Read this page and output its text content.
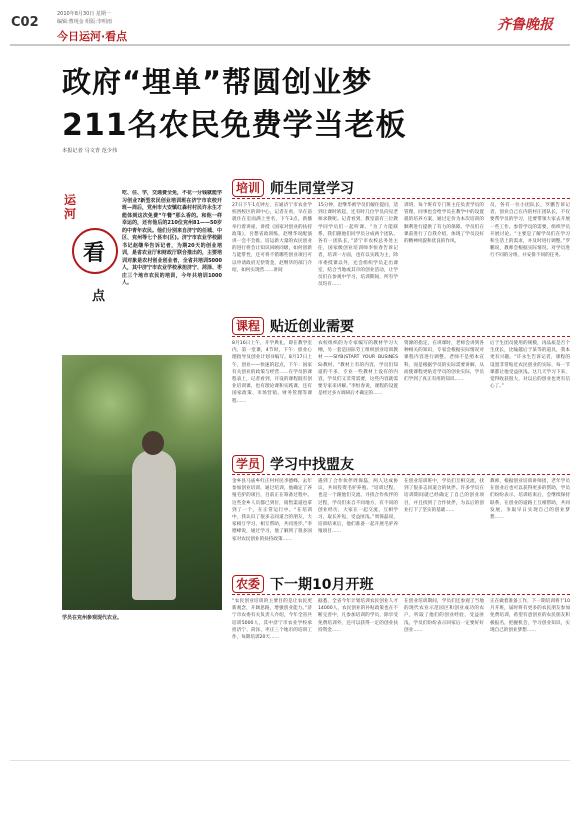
C02
2010年8月30日 星期一
编辑:曹现金 组版:李明雨
今日运河·看点
齐鲁晚报
政府“埋单”帮圆创业梦
211名农民免费学当老板
本报记者 马文青 范少伟
运河
看
点
吃、住、学，交通费全免，不花一分钱就能学习创业?新型农民创业培训班在济宁市农校开班—周后，党州市大安镇红森村村民许永生才能体到这次免费“午餐”那么香的。和他一样幸运的，还有他后的210位兖州81——50岁的中青年农民。他们分别来自济宁的任城、中区、兖州等七个县市(区)。济宁市农业学校副书记赵继华告诉记者，为期20天的创业培训，是省农业厅和财政厅联合推出的，主要培训对象是农村创业创业者，全省共培训5000人，其中济宁市农业学校承担济宁、菏泽、枣庄三个地市农民的培训，今年共培训1000人。
学员在兖州参观现代农业。
培训 师生同堂学习
27日下午1点钟左，在通济宁市农业学校西校区的训中心，记者在看，早在前就住在室而满上坐名，下午3点，新播举行着讲座，讲授《国家对创业的扶持政策》，吾想省政训练，赵继华说配演讲一会不会推。培运新大量的农民创业的进行将会让知识回顾同级，如何创新与能带性，还可将不错哪些创业项目可以申请政府无偿资金，赵继华的部门介绍，如何实现营……讲间
15分钟，赵继华被学员们解住提问，适到让课时转起，还有时几位学员向见老师求教呢。记者看到，教室前有三位教学同学员们一起听课。“为了力能联系，我们跟他们同学员分成两个团队，各有一团队长，”济宁市农校总务处主任，国家级创业培训师李恒春告诉记者，培训一方面，也有以实践为主，除市委授课以外，还会组织学员走出课室，结合当地或其市的创业活动，让学员们在参观中学习，培训期间，所有学员均有……
训班，每个班有专门班主任负责学员的管理，同事也会给学员在教学中的设置就的培养方案，通过定价为本次培训的顺利进行提供了有力的保障。学员们在课前进行了自我介绍，体现了学员良好的精神风貌和优良的作风。
员，各有一位小团队长，罗鹏告诉记者，创业自己在内的村庄团队长，不仅要帮学员的学习，还要带领大家去开展一些工作。参管学员的需要，组织学员开展讨论。“主要是了解学员们在学习和生活上的需求，并及时进行调整。”罗鹏说，教师会根据实际情况，对学员进行不同的分组，并安排不同的任务。
课程 贴近创业需要
8月16日上午，开学典礼，即在教学室内，第一堂课，4节时，下午：创业心理指导及创业计划书编写。8月17日上午，创业——快速的起点，下午：国家有关创业的政策与经营……在学员的课程表上，记者看到，开设的课程既有创业培训课，也有理论课和实践课，还有国家政策、市场营销、财务管理等课程……
农校组织的为专家编写的教材学习大纲，另一套是国际劳工组织创业培训教材——SIYB(START YOUR BUSINESS)教材。“教材上有的内容，学员们知道的不多，专业一些教材上没有的内容，学员们又非常需要，这些内容就需要专家来讲解。”李恒春说，课程的设置是经过多方调研后才确定的……
资源的指定，在讲课时，老师会讲到各种相关的知识，专家会根据实际情况对课程内容进行调整。老师不是照本宣科，而是根据学员的实际需要讲解，从而使课程更贴近学员的创业实际，学员们学到了真正有用的知识……
后于生团员使用的规模，再品质是否个生优长，比喻越后于某等的道具，我本更有兴趣。“许永生告诉记者，课程的设置非常贴近农民创业的实际，每一节课都让他受益匪浅。这几天学习下来，觉得收获很大，对以后的创业也更有信心了。”
学员 学习中找盟友
金乡县马庙乡红庄村村民李德峰，去年参加创业培训，通过培训，他确定了养殖毛驴的项目，目前正在筹备过程中。这些金乡人员都已到位，销售渠道也拿到了一个，在正常运行中。“在培训中，我认识了很多志同道合的朋友，大家相互学习、相互帮助，共同进步。”李德峰说，通过学习，他了解到了很多国家对农民创业的扶持政策……
遇到了合作伙伴周保磊，两人达成协议，共同投资毛驴养殖。“培训过程，也是一个跟他们交流、寻找合作伙伴的过程，学员们来自不同地方，有不同的创业经历，大家在一起交流，互相学习，取长补短，受益匪浅。”周保磊说，培训结束后，他们准备一起开展毛驴养殖项目……
在创业培训班中，学员们互相交流，找到了很多志同道合的伙伴。许多学员在培训期间就已经确定了自己的创业项目，并且找到了合作伙伴，为以后的创业打下了坚实的基础……
教师，根据创业培训讲师团，老年学员在创业后也可以获得更多的帮助，学员们纷纷表示，培训结束后，会继续保持联系，在创业的道路上互相帮助，共同发展，争取早日实现自己的创业梦想……
农委 下一期10月开班
“农民创业培训的主要目的是让农民更新观念，开阔思路，增强创业能力。”济宁市农委有关负责人介绍，今年全省共培训5000人，其中济宁市农业学校承担济宁、菏泽、枣庄三个地市的培训工作，每期培训20天……
据悉，全省今年计划培训农民创业人才14000人，农民创业的补贴政策也在不断完善中，凡参加培训的学员，除享受免费培训外，还可以获得一定的创业扶持资金……
在创业培训期间，学员们还参观了当地的现代农业示范园区和创业成功的农户，听取了他们的创业经验，受益匪浅，学员们纷纷表示回家后一定要好好创业……
正在做着准备工作，下一期培训将于10月开班，届时将有更多的农民朋友参加免费培训，希望有意创业的农民朋友积极报名，把握机会，学习创业知识，实现自己的创业梦想……
